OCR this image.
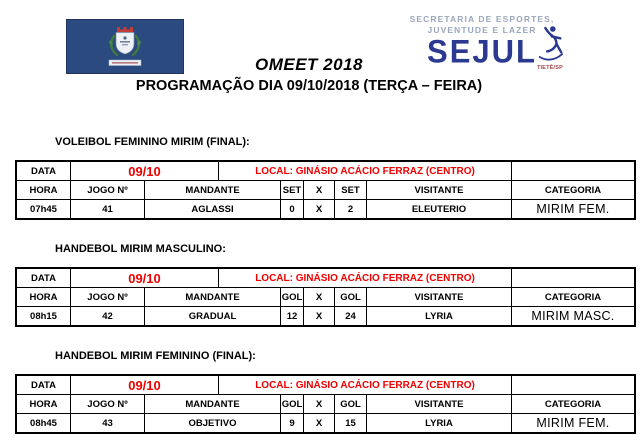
SECRETARIA DE ESPORTES,
JUVENTUDE E LAZER
SEJUL TIETÊ/SP
OMEET 2018
PROGRAMAÇÃO DIA 09/10/2018 (TERÇA – FEIRA)
VOLEIBOL FEMININO MIRIM (FINAL):
DATA	09/10	LOCAL: GINÁSIO ACÁCIO FERRAZ (CENTRO)
HORA	JOGO Nº	MANDANTE	SET	X	SET	VISITANTE	CATEGORIA
07h45	41	AGLASSI	0	X	2	ELEUTERIO	MIRIM FEM.
HANDEBOL MIRIM MASCULINO:
DATA	09/10	LOCAL: GINÁSIO ACÁCIO FERRAZ (CENTRO)
HORA	JOGO Nº	MANDANTE	GOL	X	GOL	VISITANTE	CATEGORIA
08h15	42	GRADUAL	12	X	24	LYRIA	MIRIM MASC.
HANDEBOL MIRIM FEMININO (FINAL):
DATA	09/10	LOCAL: GINÁSIO ACÁCIO FERRAZ (CENTRO)
HORA	JOGO Nº	MANDANTE	GOL	X	GOL	VISITANTE	CATEGORIA
08h45	43	OBJETIVO	9	X	15	LYRIA	MIRIM FEM.
